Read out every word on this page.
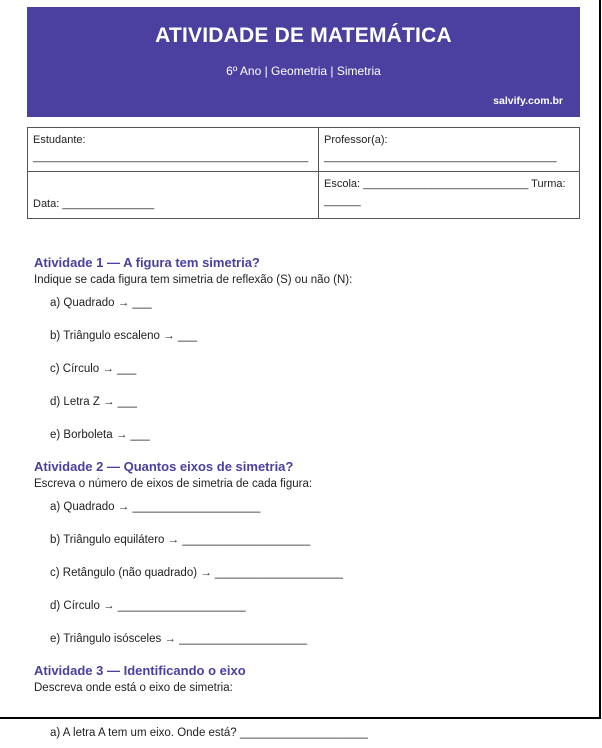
ATIVIDADE DE MATEMÁTICA
6º Ano | Geometria | Simetria
salvify.com.br
Estudante:
_____________________________________________	Professor(a):
______________________________________

Data: _______________	Escola: ___________________________ Turma:
______

Atividade 1 — A figura tem simetria?

Indique se cada figura tem simetria de reflexão (S) ou não (N):

a) Quadrado → ___
b) Triângulo escaleno → ___
c) Círculo → ___
d) Letra Z → ___
e) Borboleta → ___

Atividade 2 — Quantos eixos de simetria?

Escreva o número de eixos de simetria de cada figura:

a) Quadrado → ____________________
b) Triângulo equilátero → ____________________
c) Retângulo (não quadrado) → ____________________
d) Círculo → ____________________
e) Triângulo isósceles → ____________________

Atividade 3 — Identificando o eixo

Descreva onde está o eixo de simetria:

a) A letra A tem um eixo. Onde está? ____________________
